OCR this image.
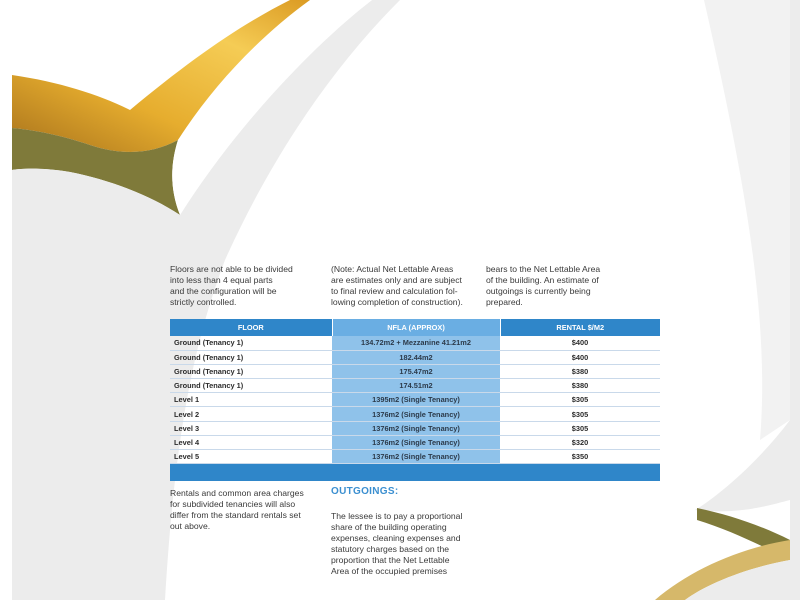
Floors are not able to be divided
into less than 4 equal parts
and the configuration will be
strictly controlled.
(Note: Actual Net Lettable Areas
are estimates only and are subject
to final review and calculation fol-
lowing completion of construction).
bears to the Net Lettable Area
of the building. An estimate of
outgoings is currently being
prepared.
FLOOR	NFLA (APPROX)	RENTAL $/M2
Ground (Tenancy 1)	134.72m2 + Mezzanine 41.21m2	$400
Ground (Tenancy 1)	182.44m2	$400
Ground (Tenancy 1)	175.47m2	$380
Ground (Tenancy 1)	174.51m2	$380
Level 1	1395m2 (Single Tenancy)	$305
Level 2	1376m2 (Single Tenancy)	$305
Level 3	1376m2 (Single Tenancy)	$305
Level 4	1376m2 (Single Tenancy)	$320
Level 5	1376m2 (Single Tenancy)	$350

Rentals and common area charges
for subdivided tenancies will also
differ from the standard rentals set
out above.
OUTGOINGS:
The lessee is to pay a proportional
share of the building operating
expenses, cleaning expenses and
statutory charges based on the
proportion that the Net Lettable
Area of the occupied premises
